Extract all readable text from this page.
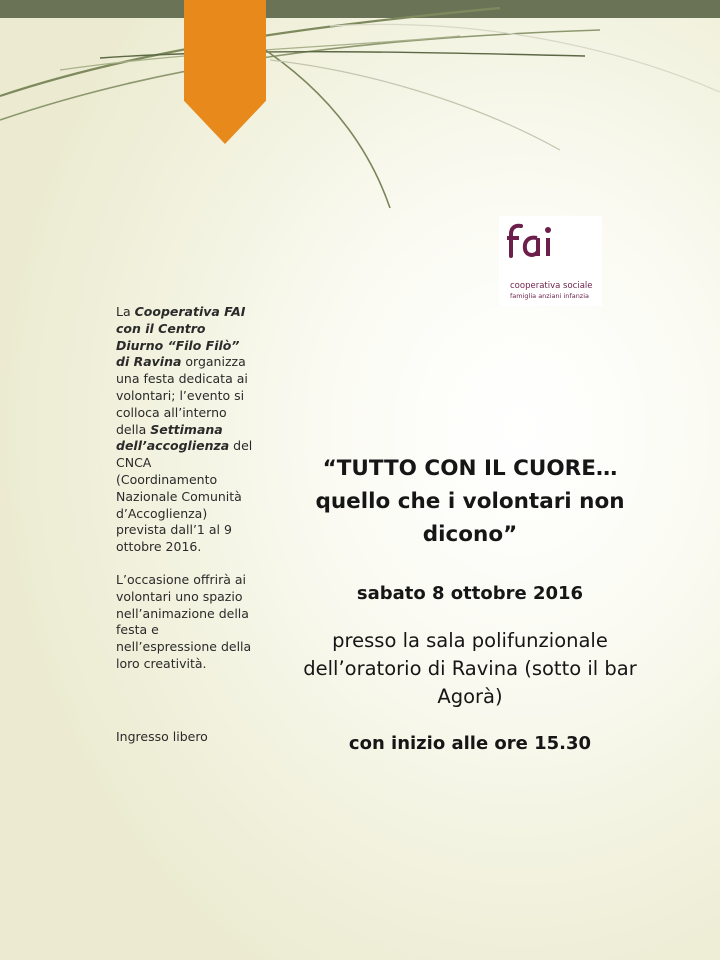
cooperativa sociale
famiglia anziani infanzia

La Cooperativa FAI con il Centro Diurno “Filo Filò” di Ravina organizza una festa dedicata ai volontari; l’evento si colloca all’interno della Settimana dell’accoglienza del CNCA (Coordinamento Nazionale Comunità d’Accoglienza) prevista dall’1 al 9 ottobre 2016.

L’occasione offrirà ai volontari uno spazio nell’animazione della festa e nell’espressione della loro creatività.

Ingresso libero

“TUTTO CON IL CUORE… quello che i volontari non dicono”

sabato 8 ottobre 2016

presso la sala polifunzionale dell’oratorio di Ravina (sotto il bar Agorà)

con inizio alle ore 15.30
